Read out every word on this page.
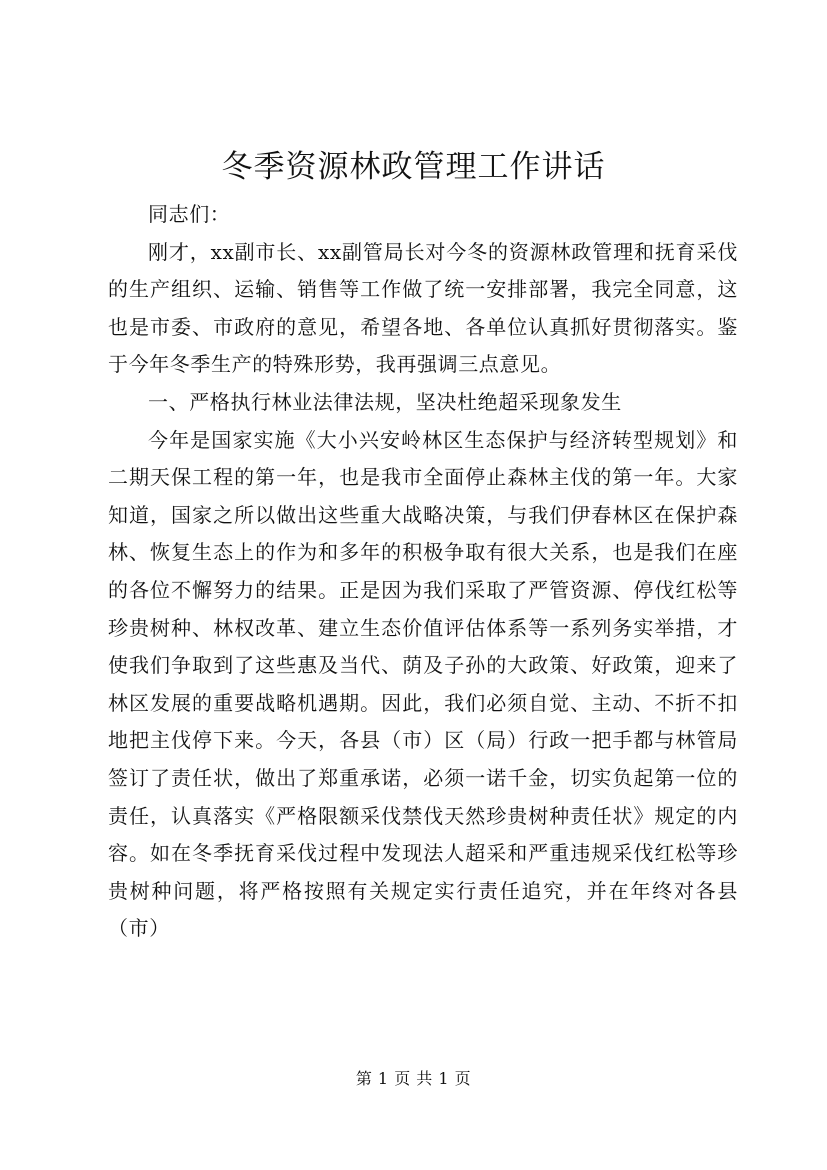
冬季资源林政管理工作讲话

同志们：

刚才，xx副市长、xx副管局长对今冬的资源林政管理和抚育采伐的生产组织、运输、销售等工作做了统一安排部署，我完全同意，这也是市委、市政府的意见，希望各地、各单位认真抓好贯彻落实。鉴于今年冬季生产的特殊形势，我再强调三点意见。

一、严格执行林业法律法规，坚决杜绝超采现象发生

今年是国家实施《大小兴安岭林区生态保护与经济转型规划》和二期天保工程的第一年，也是我市全面停止森林主伐的第一年。大家知道，国家之所以做出这些重大战略决策，与我们伊春林区在保护森林、恢复生态上的作为和多年的积极争取有很大关系，也是我们在座的各位不懈努力的结果。正是因为我们采取了严管资源、停伐红松等珍贵树种、林权改革、建立生态价值评估体系等一系列务实举措，才使我们争取到了这些惠及当代、荫及子孙的大政策、好政策，迎来了林区发展的重要战略机遇期。因此，我们必须自觉、主动、不折不扣地把主伐停下来。今天，各县（市）区（局）行政一把手都与林管局签订了责任状，做出了郑重承诺，必须一诺千金，切实负起第一位的责任，认真落实《严格限额采伐禁伐天然珍贵树种责任状》规定的内容。如在冬季抚育采伐过程中发现法人超采和严重违规采伐红松等珍贵树种问题，将严格按照有关规定实行责任追究，并在年终对各县（市）

第 1 页 共 1 页
